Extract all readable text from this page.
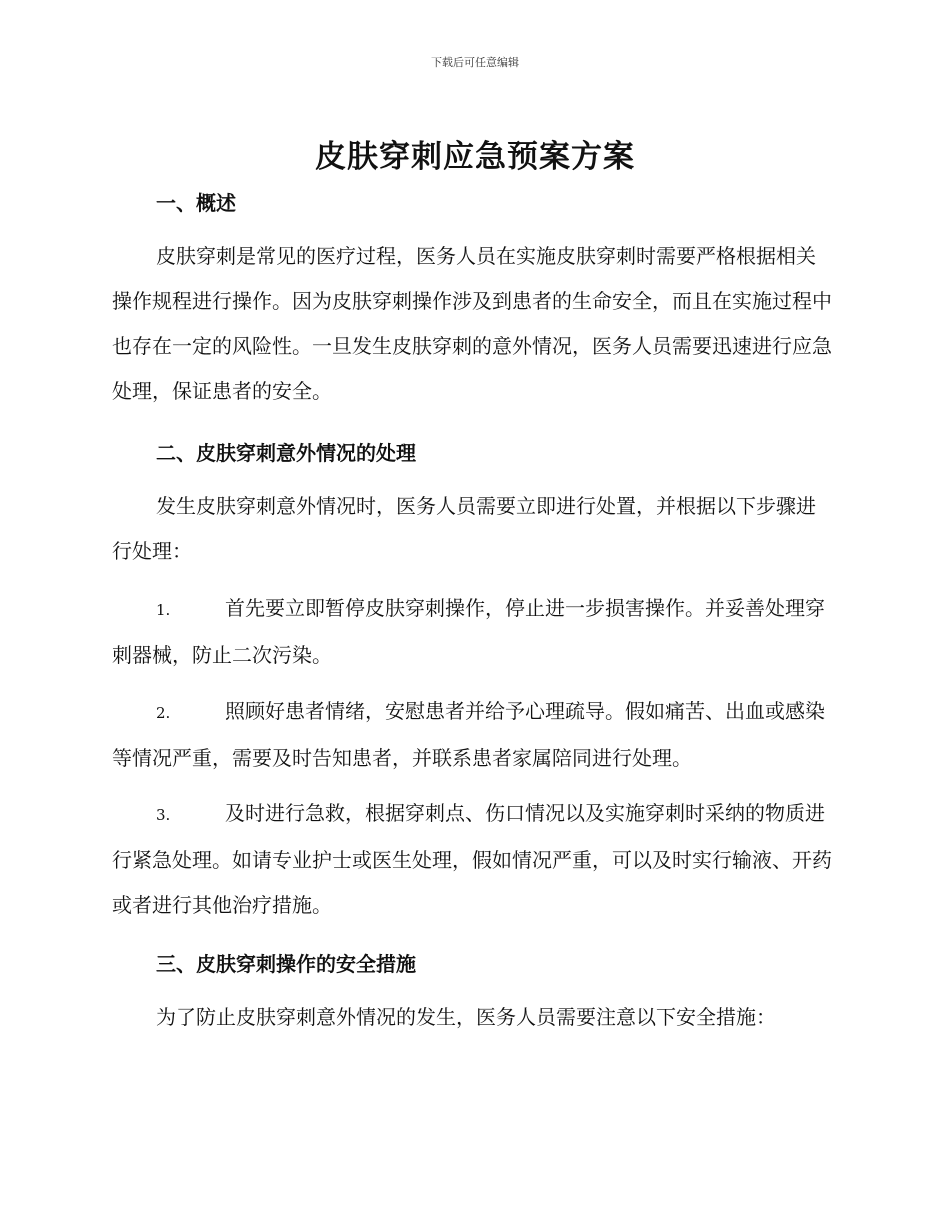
下载后可任意编辑
皮肤穿刺应急预案方案
一、概述

皮肤穿刺是常见的医疗过程，医务人员在实施皮肤穿刺时需要严格根据相关操作规程进行操作。因为皮肤穿刺操作涉及到患者的生命安全，而且在实施过程中也存在一定的风险性。一旦发生皮肤穿刺的意外情况，医务人员需要迅速进行应急处理，保证患者的安全。

二、皮肤穿刺意外情况的处理

发生皮肤穿刺意外情况时，医务人员需要立即进行处置，并根据以下步骤进行处理：

1.	首先要立即暂停皮肤穿刺操作，停止进一步损害操作。并妥善处理穿刺器械，防止二次污染。

2.	照顾好患者情绪，安慰患者并给予心理疏导。假如痛苦、出血或感染等情况严重，需要及时告知患者，并联系患者家属陪同进行处理。

3.	及时进行急救，根据穿刺点、伤口情况以及实施穿刺时采纳的物质进行紧急处理。如请专业护士或医生处理，假如情况严重，可以及时实行输液、开药或者进行其他治疗措施。

三、皮肤穿刺操作的安全措施

为了防止皮肤穿刺意外情况的发生，医务人员需要注意以下安全措施：
